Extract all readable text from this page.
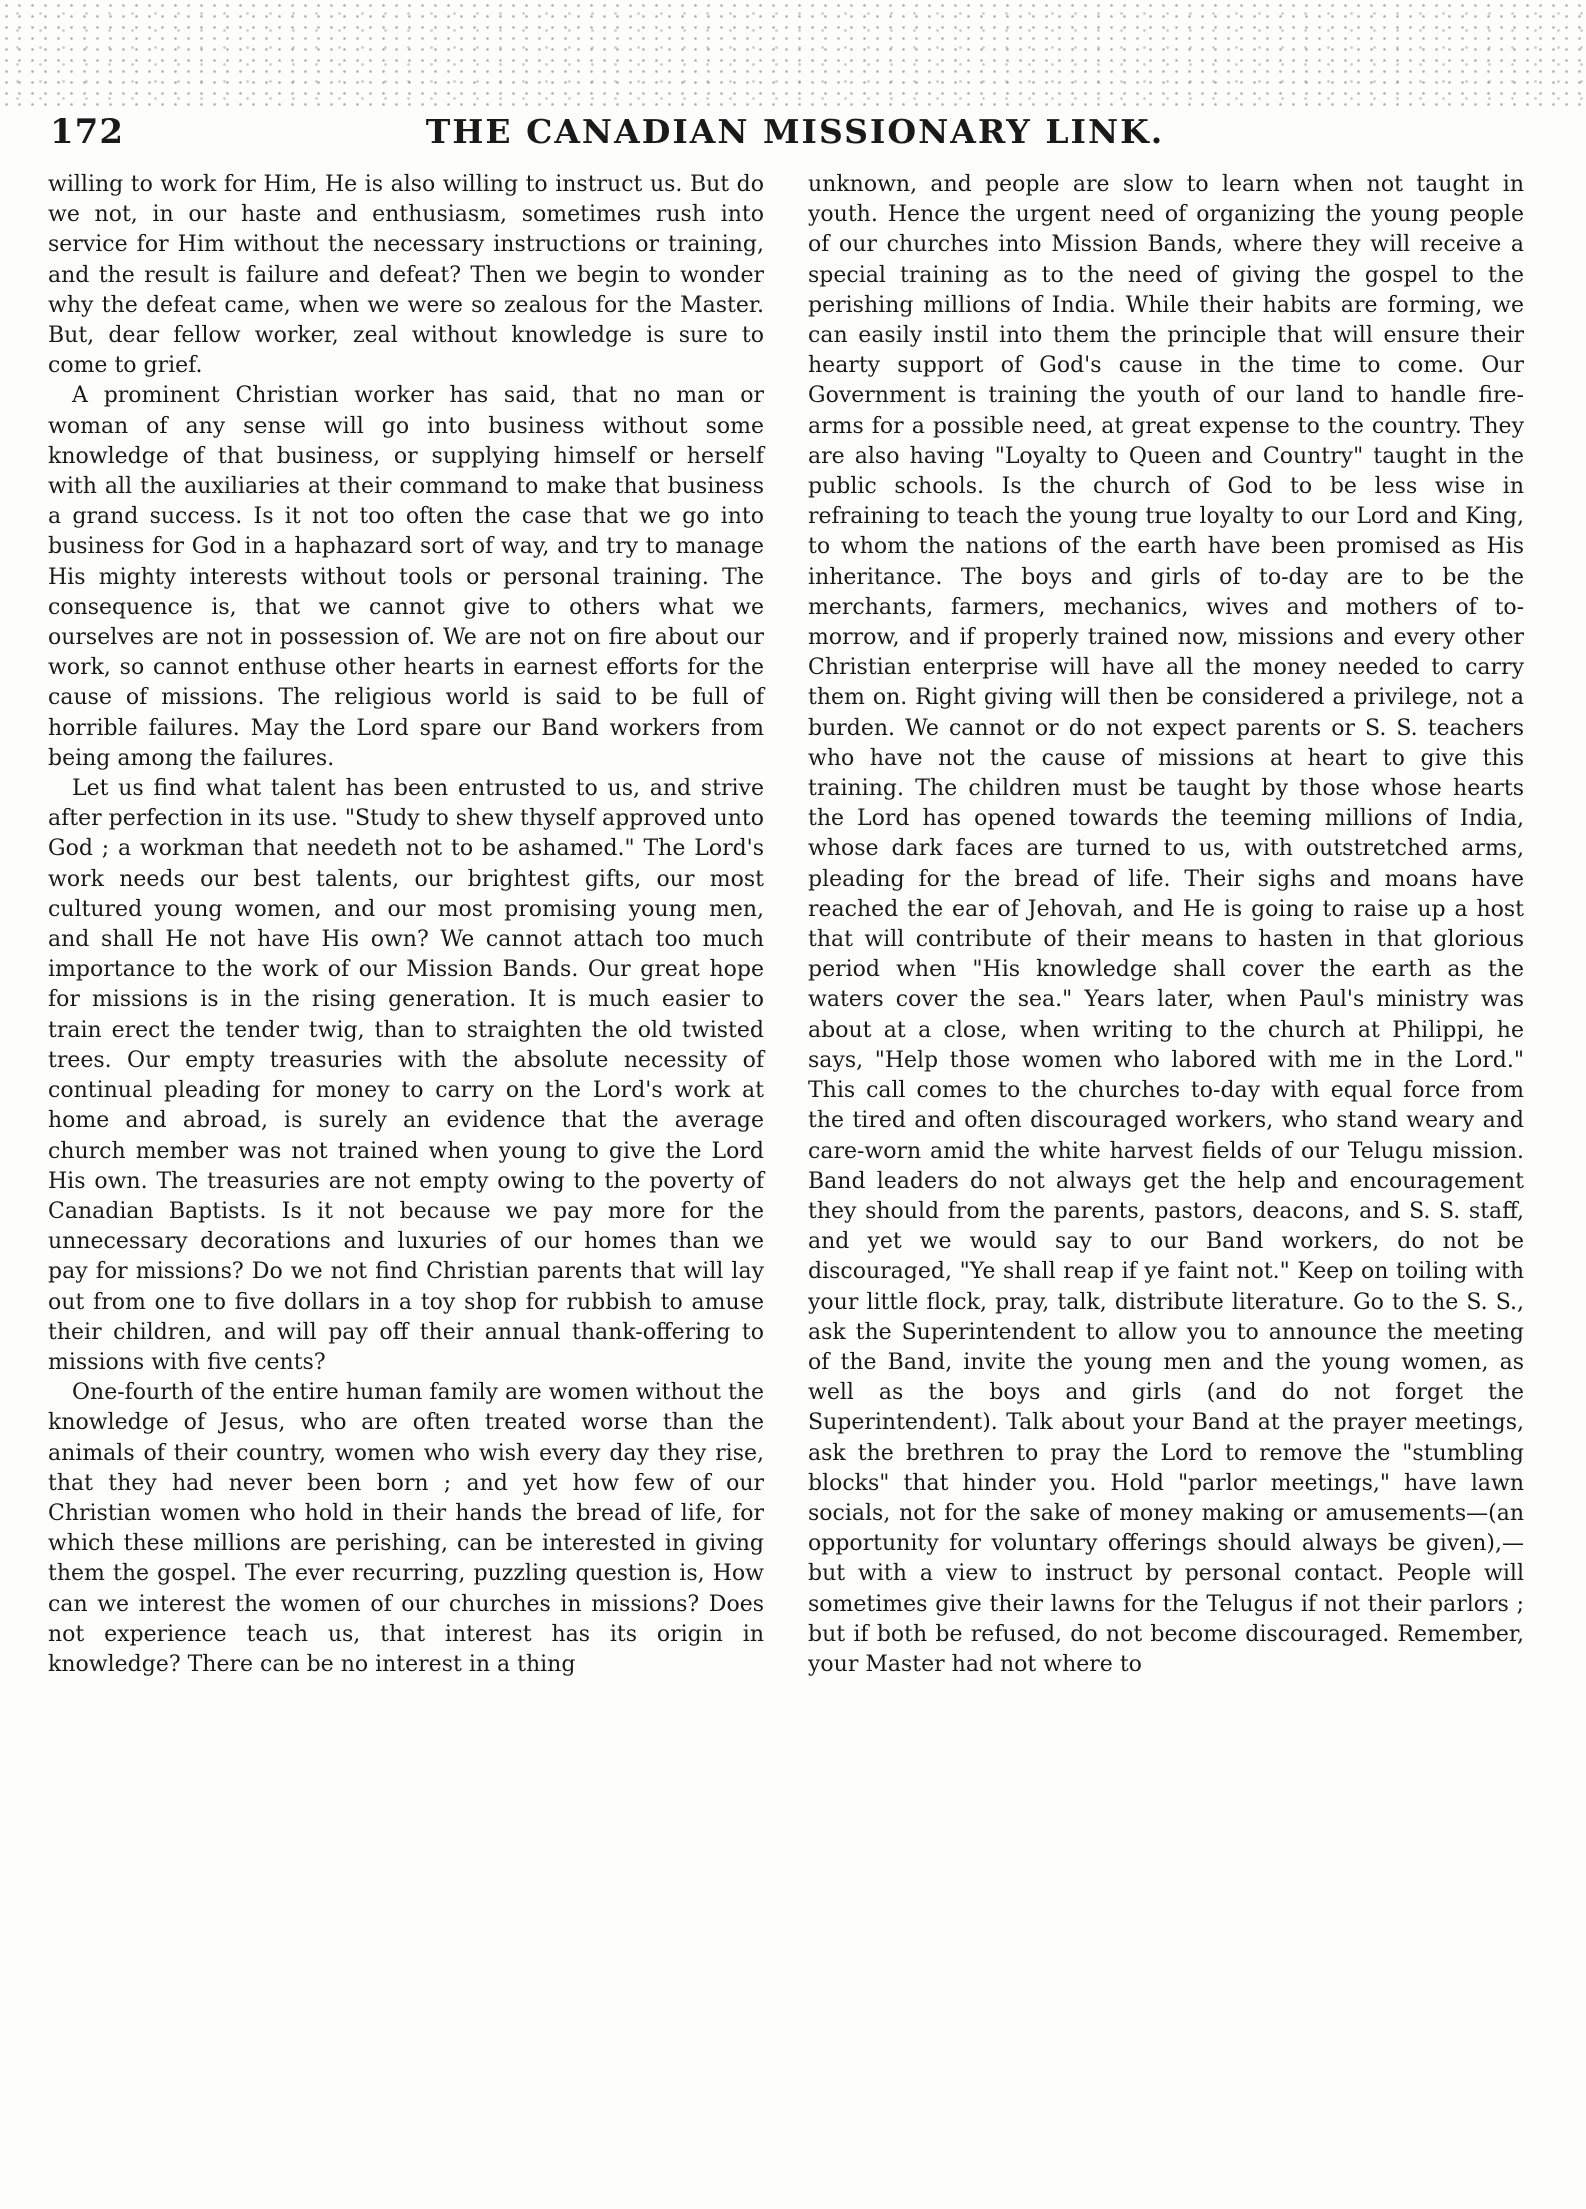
172	THE CANADIAN MISSIONARY LINK.

willing to work for Him, He is also willing to instruct us. But do we not, in our haste and enthusiasm, sometimes rush into service for Him without the necessary instructions or training, and the result is failure and defeat? Then we begin to wonder why the defeat came, when we were so zealous for the Master. But, dear fellow worker, zeal without knowledge is sure to come to grief.

A prominent Christian worker has said, that no man or woman of any sense will go into business without some knowledge of that business, or supplying himself or herself with all the auxiliaries at their command to make that business a grand success. Is it not too often the case that we go into business for God in a haphazard sort of way, and try to manage His mighty interests without tools or personal training. The consequence is, that we cannot give to others what we ourselves are not in possession of. We are not on fire about our work, so cannot enthuse other hearts in earnest efforts for the cause of missions. The religious world is said to be full of horrible failures. May the Lord spare our Band workers from being among the failures.

Let us find what talent has been entrusted to us, and strive after perfection in its use. "Study to shew thyself approved unto God ; a workman that needeth not to be ashamed." The Lord's work needs our best talents, our brightest gifts, our most cultured young women, and our most promising young men, and shall He not have His own? We cannot attach too much importance to the work of our Mission Bands. Our great hope for missions is in the rising generation. It is much easier to train erect the tender twig, than to straighten the old twisted trees. Our empty treasuries with the absolute necessity of continual pleading for money to carry on the Lord's work at home and abroad, is surely an evidence that the average church member was not trained when young to give the Lord His own. The treasuries are not empty owing to the poverty of Canadian Baptists. Is it not because we pay more for the unnecessary decorations and luxuries of our homes than we pay for missions? Do we not find Christian parents that will lay out from one to five dollars in a toy shop for rubbish to amuse their children, and will pay off their annual thank-offering to missions with five cents?

One-fourth of the entire human family are women without the knowledge of Jesus, who are often treated worse than the animals of their country, women who wish every day they rise, that they had never been born ; and yet how few of our Christian women who hold in their hands the bread of life, for which these millions are perishing, can be interested in giving them the gospel. The ever recurring, puzzling question is, How can we interest the women of our churches in missions? Does not experience teach us, that interest has its origin in knowledge? There can be no interest in a thing

unknown, and people are slow to learn when not taught in youth. Hence the urgent need of organizing the young people of our churches into Mission Bands, where they will receive a special training as to the need of giving the gospel to the perishing millions of India. While their habits are forming, we can easily instil into them the principle that will ensure their hearty support of God's cause in the time to come. Our Government is training the youth of our land to handle fire-arms for a possible need, at great expense to the country. They are also having "Loyalty to Queen and Country" taught in the public schools. Is the church of God to be less wise in refraining to teach the young true loyalty to our Lord and King, to whom the nations of the earth have been promised as His inheritance. The boys and girls of to-day are to be the merchants, farmers, mechanics, wives and mothers of to-morrow, and if properly trained now, missions and every other Christian enterprise will have all the money needed to carry them on. Right giving will then be considered a privilege, not a burden. We cannot or do not expect parents or S. S. teachers who have not the cause of missions at heart to give this training. The children must be taught by those whose hearts the Lord has opened towards the teeming millions of India, whose dark faces are turned to us, with outstretched arms, pleading for the bread of life. Their sighs and moans have reached the ear of Jehovah, and He is going to raise up a host that will contribute of their means to hasten in that glorious period when "His knowledge shall cover the earth as the waters cover the sea." Years later, when Paul's ministry was about at a close, when writing to the church at Philippi, he says, "Help those women who labored with me in the Lord." This call comes to the churches to-day with equal force from the tired and often discouraged workers, who stand weary and care-worn amid the white harvest fields of our Telugu mission. Band leaders do not always get the help and encouragement they should from the parents, pastors, deacons, and S. S. staff, and yet we would say to our Band workers, do not be discouraged, "Ye shall reap if ye faint not." Keep on toiling with your little flock, pray, talk, distribute literature. Go to the S. S., ask the Superintendent to allow you to announce the meeting of the Band, invite the young men and the young women, as well as the boys and girls (and do not forget the Superintendent). Talk about your Band at the prayer meetings, ask the brethren to pray the Lord to remove the "stumbling blocks" that hinder you. Hold "parlor meetings," have lawn socials, not for the sake of money making or amusements—(an opportunity for voluntary offerings should always be given),—but with a view to instruct by personal contact. People will sometimes give their lawns for the Telugus if not their parlors ; but if both be refused, do not become discouraged. Remember, your Master had not where to
